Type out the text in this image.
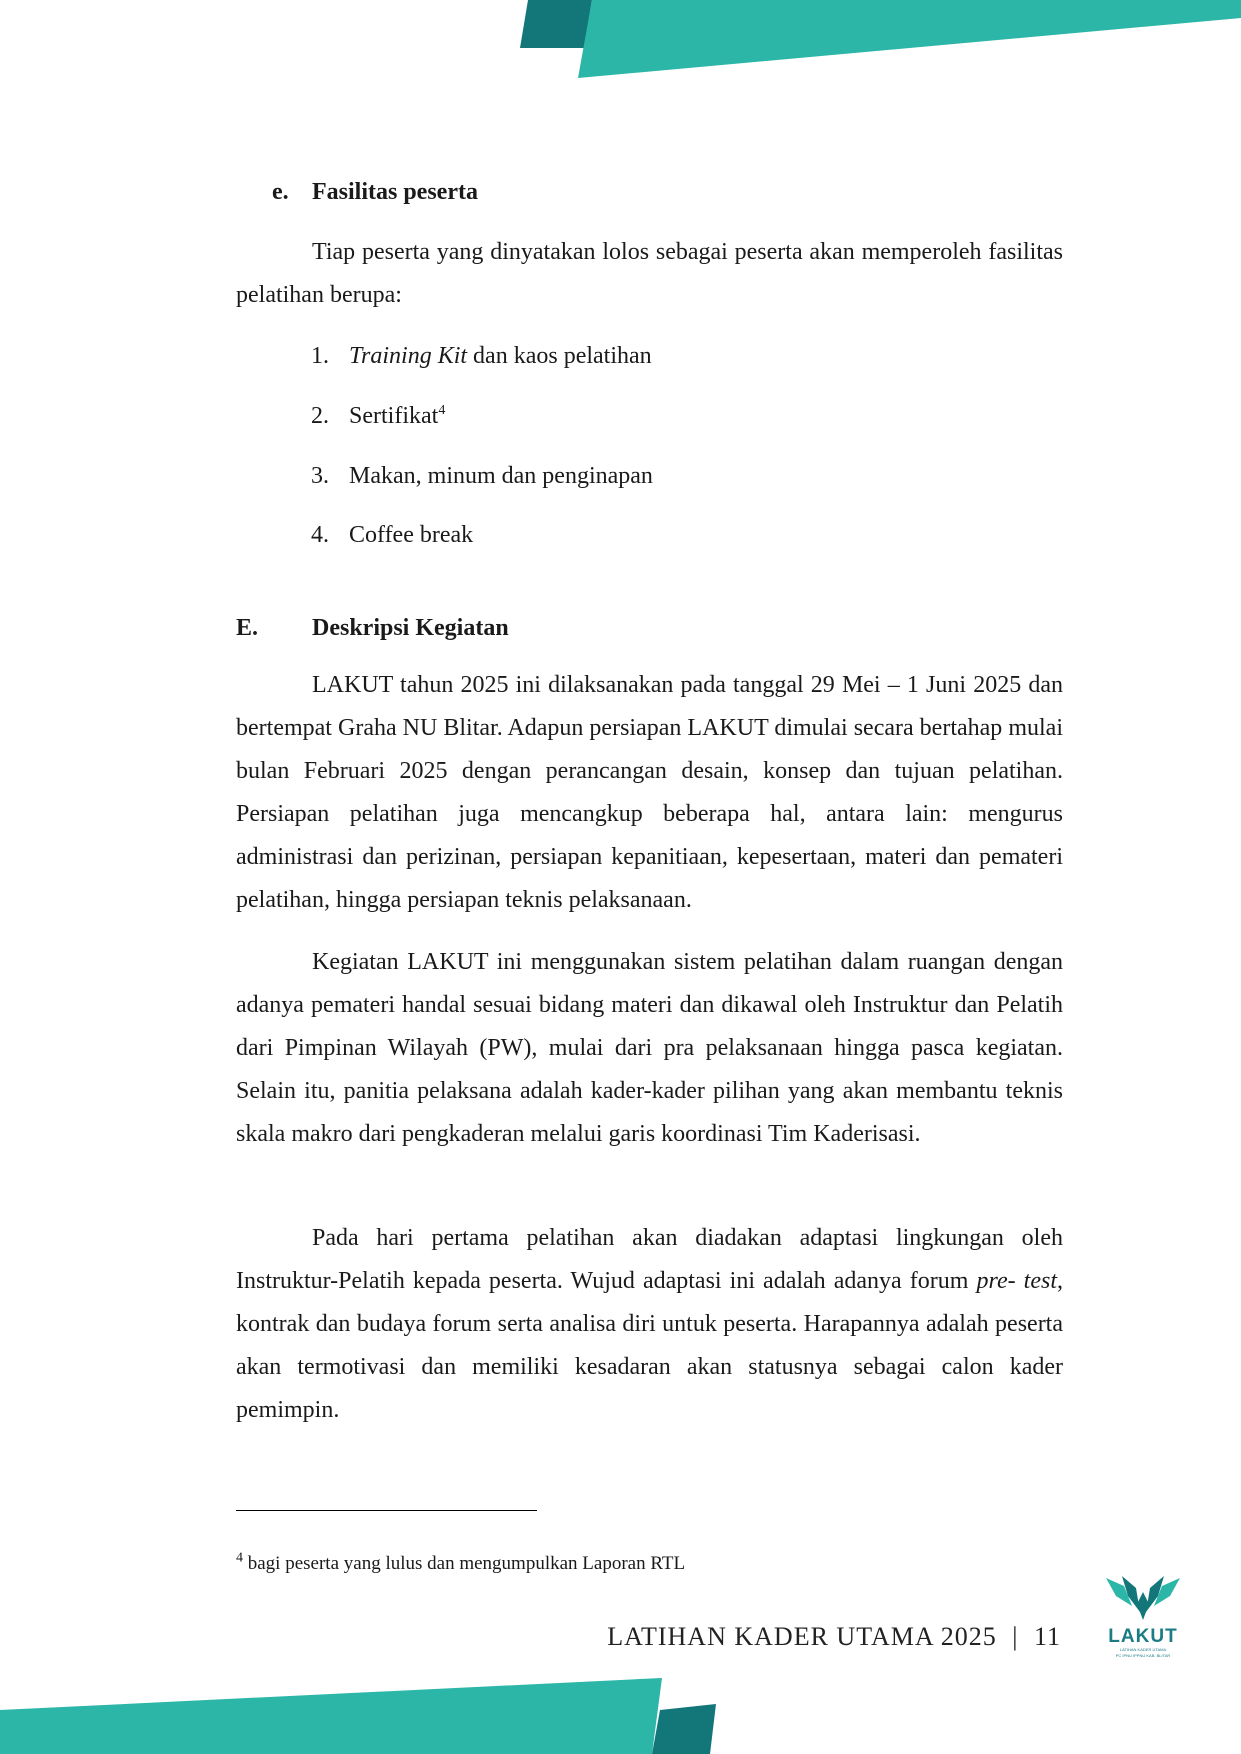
e. Fasilitas peserta

Tiap peserta yang dinyatakan lolos sebagai peserta akan memperoleh fasilitas pelatihan berupa:

1. Training Kit dan kaos pelatihan
2. Sertifikat$^4$
3. Makan, minum dan penginapan
4. Coffee break
E. Deskripsi Kegiatan

LAKUT tahun 2025 ini dilaksanakan pada tanggal 29 Mei – 1 Juni 2025 dan bertempat Graha NU Blitar. Adapun persiapan LAKUT dimulai secara bertahap mulai bulan Februari 2025 dengan perancangan desain, konsep dan tujuan pelatihan. Persiapan pelatihan juga mencangkup beberapa hal, antara lain: mengurus administrasi dan perizinan, persiapan kepanitiaan, kepesertaan, materi dan pemateri pelatihan, hingga persiapan teknis pelaksanaan.

Kegiatan LAKUT ini menggunakan sistem pelatihan dalam ruangan dengan adanya pemateri handal sesuai bidang materi dan dikawal oleh Instruktur dan Pelatih dari Pimpinan Wilayah (PW), mulai dari pra pelaksanaan hingga pasca kegiatan. Selain itu, panitia pelaksana adalah kader-kader pilihan yang akan membantu teknis skala makro dari pengkaderan melalui garis koordinasi Tim Kaderisasi.

Pada hari pertama pelatihan akan diadakan adaptasi lingkungan oleh Instruktur-Pelatih kepada peserta. Wujud adaptasi ini adalah adanya forum pre- test, kontrak dan budaya forum serta analisa diri untuk peserta. Harapannya adalah peserta akan termotivasi dan memiliki kesadaran akan statusnya sebagai calon kader pemimpin.

$^4$ bagi peserta yang lulus dan mengumpulkan Laporan RTL
LATIHAN KADER UTAMA 2025 | 11	LAKUT
LATIHAN KADER UTAMA
PC IPNU IPPNU KAB. BLITAR
